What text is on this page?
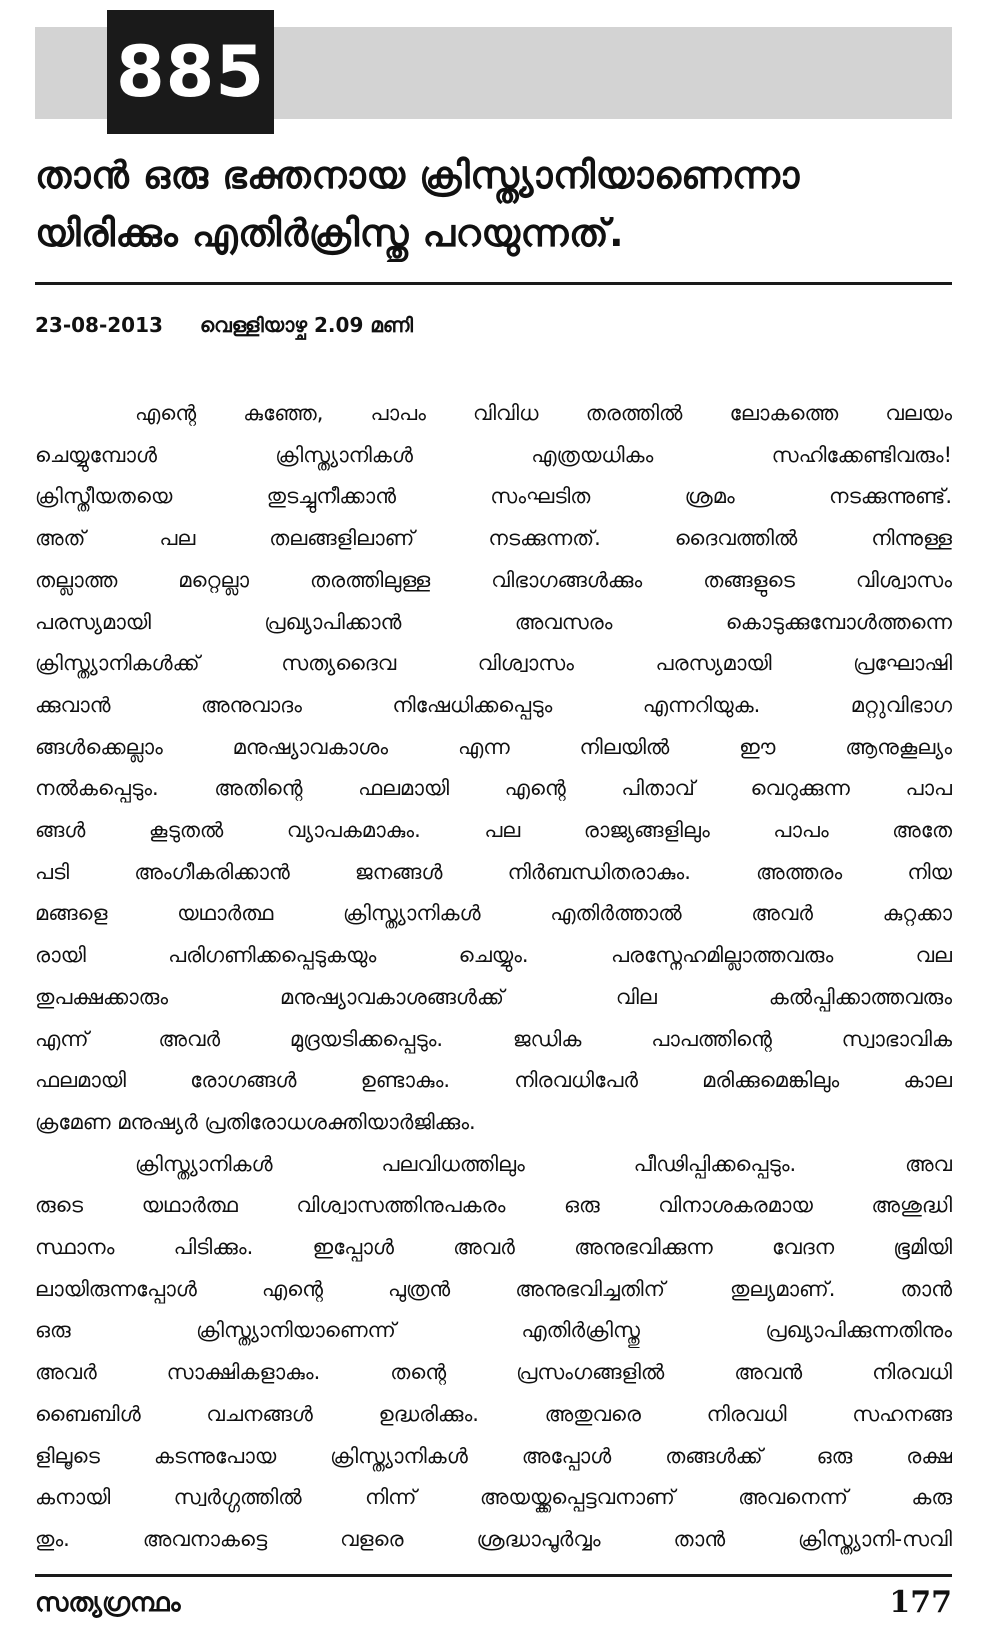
885
താൻ ഒരു ഭക്തനായ ക്രിസ്ത്യാനിയാണെന്നാ
യിരിക്കും എതിർക്രിസ്തു പറയുന്നത്.
23-08-2013 വെള്ളിയാഴ്ച 2.09 മണി
എന്റെ കുഞ്ഞേ, പാപം വിവിധ തരത്തിൽ ലോകത്തെ വലയം
ചെയ്യുമ്പോൾ ക്രിസ്ത്യാനികൾ എത്രയധികം സഹിക്കേണ്ടിവരും!
ക്രിസ്തീയതയെ തുടച്ചുനീക്കാൻ സംഘടിത ശ്രമം നടക്കുന്നുണ്ട്.
അത് പല തലങ്ങളിലാണ് നടക്കുന്നത്. ദൈവത്തിൽ നിന്നുള്ള
തല്ലാത്ത മറ്റെല്ലാ തരത്തിലുള്ള വിഭാഗങ്ങൾക്കും തങ്ങളുടെ വിശ്വാസം
പരസ്യമായി പ്രഖ്യാപിക്കാൻ അവസരം കൊടുക്കുമ്പോൾത്തന്നെ
ക്രിസ്ത്യാനികൾക്ക് സത്യദൈവ വിശ്വാസം പരസ്യമായി പ്രഘോഷി
ക്കുവാൻ അനുവാദം നിഷേധിക്കപ്പെടും എന്നറിയുക. മറ്റുവിഭാഗ
ങ്ങൾക്കെല്ലാം മനുഷ്യാവകാശം എന്ന നിലയിൽ ഈ ആനുകൂല്യം
നൽകപ്പെടും. അതിന്റെ ഫലമായി എന്റെ പിതാവ് വെറുക്കുന്ന പാപ
ങ്ങൾ കൂടുതൽ വ്യാപകമാകും. പല രാജ്യങ്ങളിലും പാപം അതേ
പടി അംഗീകരിക്കാൻ ജനങ്ങൾ നിർബന്ധിതരാകും. അത്തരം നിയ
മങ്ങളെ യഥാർത്ഥ ക്രിസ്ത്യാനികൾ എതിർത്താൽ അവർ കുറ്റക്കാ
രായി പരിഗണിക്കപ്പെടുകയും ചെയ്യും. പരസ്നേഹമില്ലാത്തവരും വല
തുപക്ഷക്കാരും മനുഷ്യാവകാശങ്ങൾക്ക് വില കൽപ്പിക്കാത്തവരും
എന്ന് അവർ മുദ്രയടിക്കപ്പെടും. ജഡിക പാപത്തിന്റെ സ്വാഭാവിക
ഫലമായി രോഗങ്ങൾ ഉണ്ടാകും. നിരവധിപേർ മരിക്കുമെങ്കിലും കാല
ക്രമേണ മനുഷ്യർ പ്രതിരോധശക്തിയാർജിക്കും.
ക്രിസ്ത്യാനികൾ പലവിധത്തിലും പീഢിപ്പിക്കപ്പെടും. അവ
രുടെ യഥാർത്ഥ വിശ്വാസത്തിനുപകരം ഒരു വിനാശകരമായ അശുദ്ധി
സ്ഥാനം പിടിക്കും. ഇപ്പോൾ അവർ അനുഭവിക്കുന്ന വേദന ഭൂമിയി
ലായിരുന്നപ്പോൾ എന്റെ പുത്രൻ അനുഭവിച്ചതിന് തുല്യമാണ്. താൻ
ഒരു ക്രിസ്ത്യാനിയാണെന്ന് എതിർക്രിസ്തു പ്രഖ്യാപിക്കുന്നതിനും
അവർ സാക്ഷികളാകും. തന്റെ പ്രസംഗങ്ങളിൽ അവൻ നിരവധി
ബൈബിൾ വചനങ്ങൾ ഉദ്ധരിക്കും. അതുവരെ നിരവധി സഹനങ്ങ
ളിലൂടെ കടന്നുപോയ ക്രിസ്ത്യാനികൾ അപ്പോൾ തങ്ങൾക്ക് ഒരു രക്ഷ
കനായി സ്വർഗ്ഗത്തിൽ നിന്ന് അയയ്ക്കപ്പെട്ടവനാണ് അവനെന്ന് കരു
തും. അവനാകട്ടെ വളരെ ശ്രദ്ധാപൂർവ്വം താൻ ക്രിസ്ത്യാനി-സവി
സത്യഗ്രന്ഥം	177
